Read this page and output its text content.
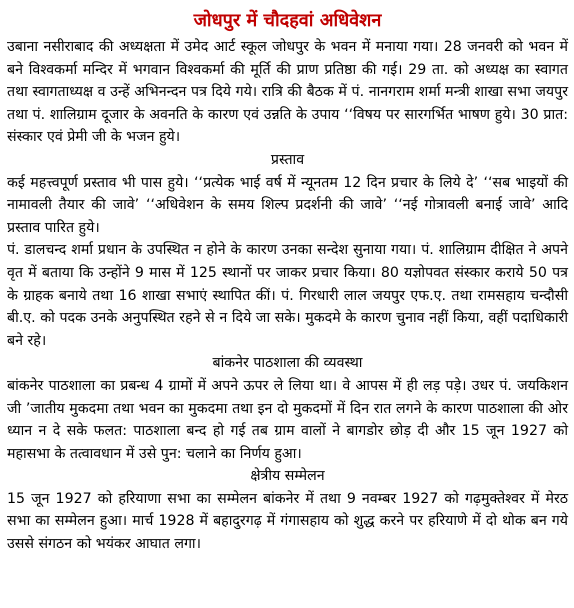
जोधपुर में चौदहवां अधिवेशन

उबाना नसीराबाद की अध्यक्षता में उमेद आर्ट स्कूल जोधपुर के भवन में मनाया गया। 28 जनवरी को भवन में बने विश्वकर्मा मन्दिर में भगवान विश्वकर्मा की मूर्ति की प्राण प्रतिष्ठा की गई। 29 ता. को अध्यक्ष का स्वागत तथा स्वागताध्यक्ष व उन्हें अभिनन्दन पत्र दिये गये। रात्रि की बैठक में पं. नानगराम शर्मा मन्त्री शाखा सभा जयपुर तथा पं. शालिग्राम दूजार के अवनति के कारण एवं उन्नति के उपाय ‘‘विषय पर सारगर्भित भाषण हुये। 30 प्रात: संस्कार एवं प्रेमी जी के भजन हुये।

प्रस्ताव

कई महत्त्वपूर्ण प्रस्ताव भी पास हुये। ‘‘प्रत्येक भाई वर्ष में न्यूनतम 12 दिन प्रचार के लिये दे’ ‘‘सब भाइयों की नामावली तैयार की जावे’ ‘‘अधिवेशन के समय शिल्प प्रदर्शनी की जावे’ ‘‘नई गोत्रावली बनाई जावे’ आदि प्रस्ताव पारित हुये।

पं. डालचन्द शर्मा प्रधान के उपस्थित न होने के कारण उनका सन्देश सुनाया गया। पं. शालिग्राम दीक्षित ने अपने वृत में बताया कि उन्होंने 9 मास में 125 स्थानों पर जाकर प्रचार किया। 80 यज्ञोपवत संस्कार कराये 50 पत्र के ग्राहक बनाये तथा 16 शाखा सभाएं स्थापित कीं। पं. गिरधारी लाल जयपुर एफ.ए. तथा रामसहाय चन्दौसी बी.ए. को पदक उनके अनुपस्थित रहने से न दिये जा सके। मुकदमे के कारण चुनाव नहीं किया, वहीं पदाधिकारी बने रहे।

बांकनेर पाठशाला की व्यवस्था

बांकनेर पाठशाला का प्रबन्ध 4 ग्रामों में अपने ऊपर ले लिया था। वे आपस में ही लड़ पड़े। उधर पं. जयकिशन जी ’जातीय मुकदमा तथा भवन का मुकदमा तथा इन दो मुकदमों में दिन रात लगने के कारण पाठशाला की ओर ध्यान न दे सके फलत: पाठशाला बन्द हो गई तब ग्राम वालों ने बागडोर छोड़ दी और 15 जून 1927 को महासभा के तत्वावधान में उसे पुन: चलाने का निर्णय हुआ।

क्षेत्रीय सम्मेलन

15 जून 1927 को हरियाणा सभा का सम्मेलन बांकनेर में तथा 9 नवम्बर 1927 को गढ़मुक्तेश्वर में मेरठ सभा का सम्मेलन हुआ। मार्च 1928 में बहादुरगढ़ में गंगासहाय को शुद्ध करने पर हरियाणे में दो थोक बन गये उससे संगठन को भयंकर आघात लगा।
